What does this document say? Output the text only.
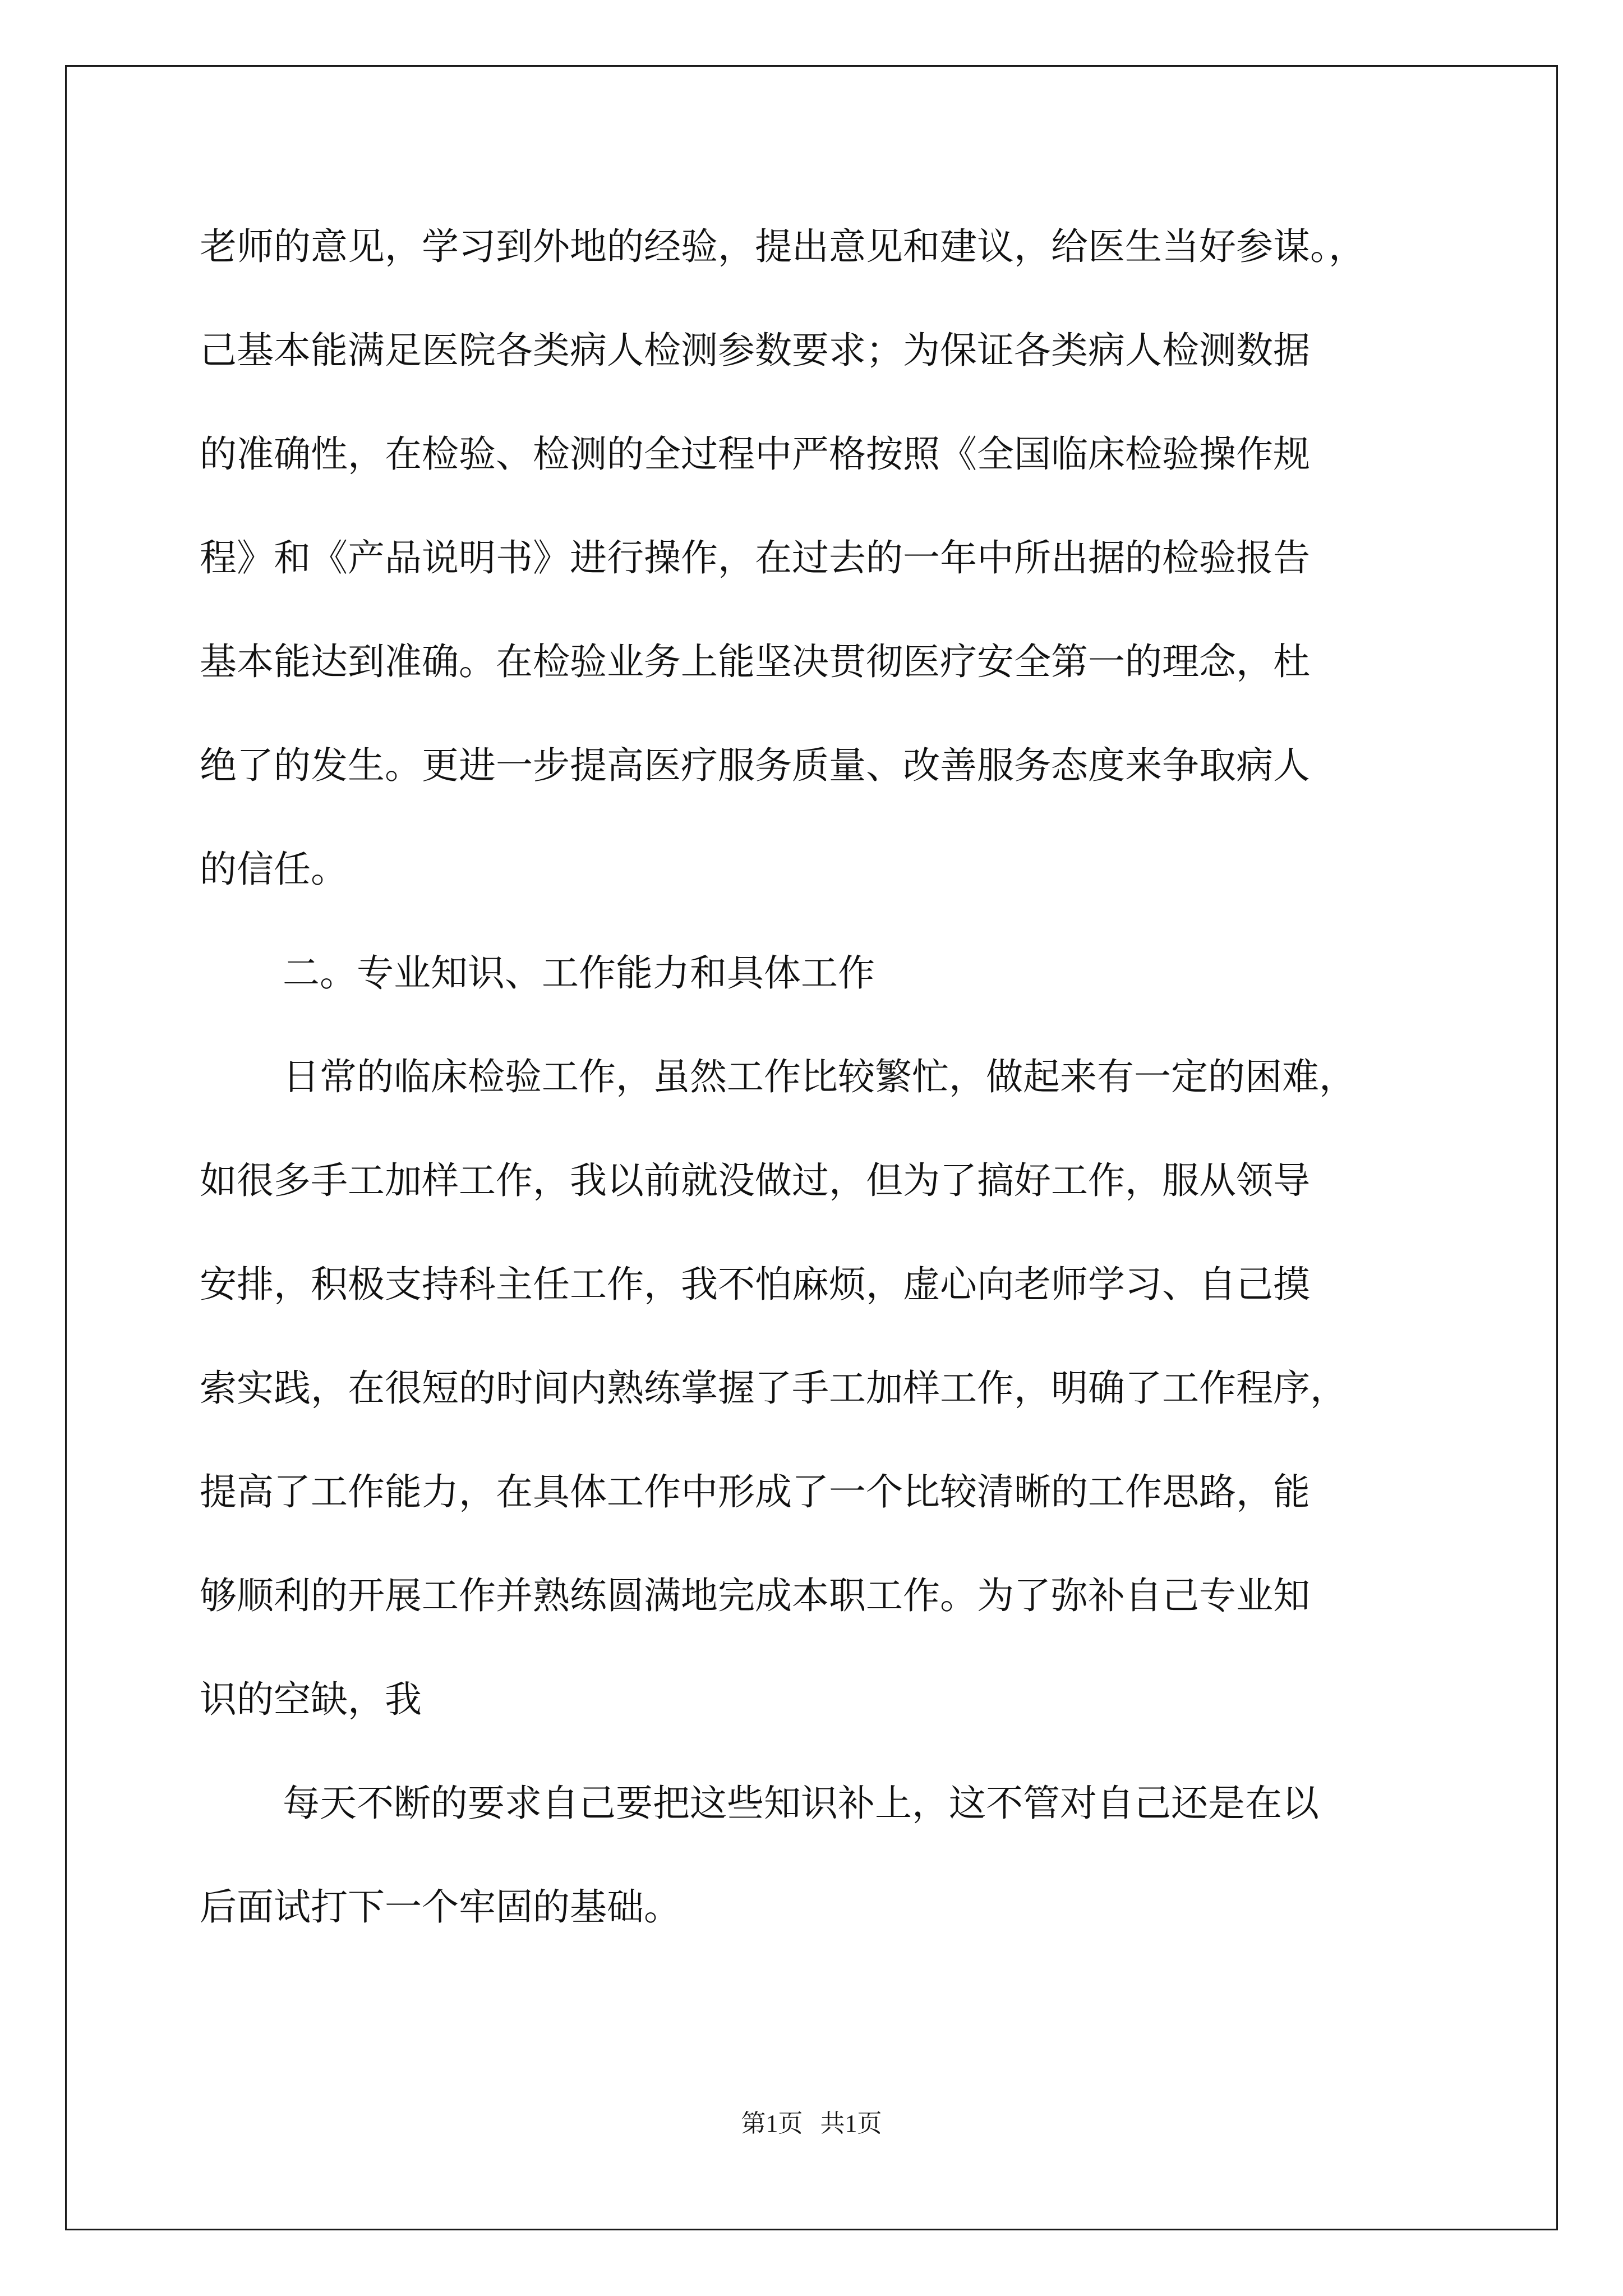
老师的意见，学习到外地的经验，提出意见和建议，给医生当好参谋。，
己基本能满足医院各类病人检测参数要求；为保证各类病人检测数据
的准确性，在检验、检测的全过程中严格按照《全国临床检验操作规
程》和《产品说明书》进行操作，在过去的一年中所出据的检验报告
基本能达到准确。在检验业务上能坚决贯彻医疗安全第一的理念，杜
绝了的发生。更进一步提高医疗服务质量、改善服务态度来争取病人
的信任。
二。专业知识、工作能力和具体工作
日常的临床检验工作，虽然工作比较繁忙，做起来有一定的困难，
如很多手工加样工作，我以前就没做过，但为了搞好工作，服从领导
安排，积极支持科主任工作，我不怕麻烦，虚心向老师学习、自己摸
索实践，在很短的时间内熟练掌握了手工加样工作，明确了工作程序，
提高了工作能力，在具体工作中形成了一个比较清晰的工作思路，能
够顺利的开展工作并熟练圆满地完成本职工作。为了弥补自己专业知
识的空缺，我
每天不断的要求自己要把这些知识补上，这不管对自己还是在以
后面试打下一个牢固的基础。
第1页 共1页
